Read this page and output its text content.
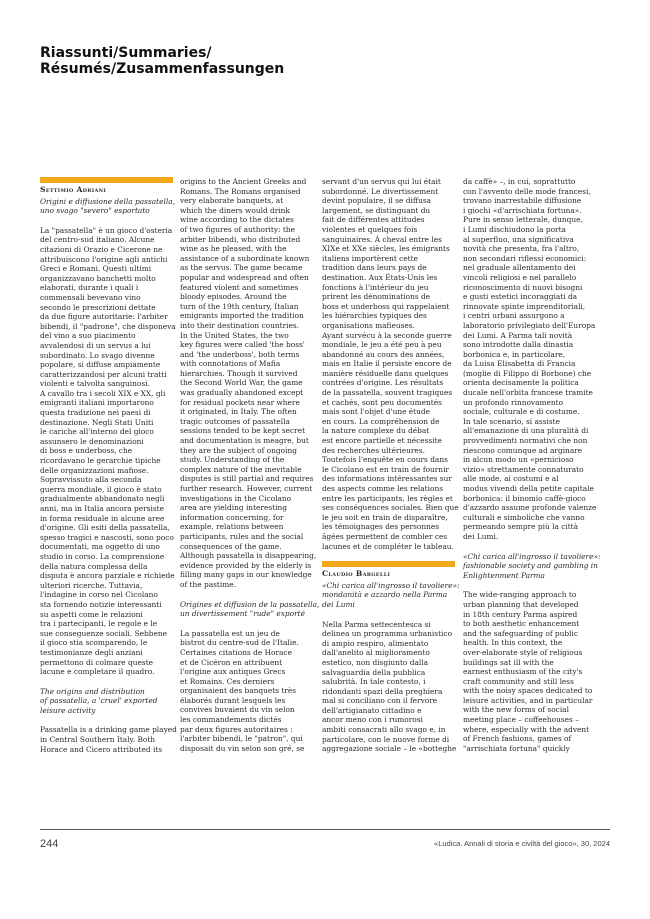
Riassunti/Summaries/
Résumés/Zusammenfassungen
Settimio Adriani
Origini e diffusione della passatella,
uno svago "severo" esportato
La "passatella" è un gioco d'osteria
del centro-sud italiano. Alcune
citazioni di Orazio e Cicerone ne
attribuiscono l'origine agli antichi
Greci e Romani. Questi ultimi
organizzavano banchetti molto
elaborati, durante i quali i
commensali bevevano vino
secondo le prescrizioni dettate
da due figure autoritarie: l'arbiter
bibendi, il "padrone", che disponeva
del vino a suo piacimento
avvalendosi di un servus a lui
subordinato. Lo svago divenne
popolare, si diffuse ampiamente
caratterizzandosi per alcuni tratti
violenti e talvolta sanguinosi.
A cavallo tra i secoli XIX e XX, gli
emigranti italiani importarono
questa tradizione nei paesi di
destinazione. Negli Stati Uniti
le cariche all'interno del gioco
assunsero le denominazioni
di boss e underboss, che
ricordavano le gerarchie tipiche
delle organizzazioni mafiose.
Sopravvissuto alla seconda
guerra mondiale, il gioco è stato
gradualmente abbandonato negli
anni, ma in Italia ancora persiste
in forma residuale in alcune aree
d'origine. Gli esiti della passatella,
spesso tragici e nascosti, sono poco
documentati, ma oggetto di uno
studio in corso. La comprensione
della natura complessa della
disputa è ancora parziale e richiede
ulteriori ricerche. Tuttavia,
l'indagine in corso nel Cicolano
sta fornendo notizie interessanti
su aspetti come le relazioni
tra i partecipanti, le regole e le
sue conseguenze sociali. Sebbene
il gioco stia scomparendo, le
testimonianze degli anziani
permettono di colmare queste
lacune e completare il quadro.
The origins and distribution
of passatella, a 'cruel' exported
leisure activity
Passatella is a drinking game played
in Central Southern Italy. Both
Horace and Cicero attributed its
origins to the Ancient Greeks and
Romans. The Romans organised
very elaborate banquets, at
which the diners would drink
wine according to the dictates
of two figures of authority: the
arbiter bibendi, who distributed
wine as he pleased, with the
assistance of a subordinate known
as the servus. The game became
popular and widespread and often
featured violent and sometimes
bloody episodes. Around the
turn of the 19th century, Italian
emigrants imported the tradition
into their destination countries.
In the United States, the two
key figures were called 'the boss'
and 'the underboss', both terms
with connotations of Mafia
hierarchies. Though it survived
the Second World War, the game
was gradually abandoned except
for residual pockets near where
it originated, in Italy. The often
tragic outcomes of passatella
sessions tended to be kept secret
and documentation is meagre, but
they are the subject of ongoing
study. Understanding of the
complex nature of the inevitable
disputes is still partial and requires
further research. However, current
investigations in the Cicolano
area are yielding interesting
information concerning, for
example, relations between
participants, rules and the social
consequences of the game.
Although passatella is disappearing,
evidence provided by the elderly is
filling many gaps in our knowledge
of the pastime.
Origines et diffusion de la passatella,
un divertissement "rude" exporté
La passatella est un jeu de
bistrot du centre-sud de l'Italie.
Certaines citations de Horace
et de Cicéron en attribuent
l'origine aux antiques Grecs
et Romains. Ces derniers
organisaient des banquets très
élaborés durant lesquels les
convives buvaient du vin selon
les commandements dictés
par deux figures autoritaires :
l'arbiter bibendi, le "patron", qui
disposait du vin selon son gré, se
servant d'un servus qui lui était
subordonné. Le divertissement
devint populaire, il se diffusa
largement, se distinguant du
fait de différentes attitudes
violentes et quelques fois
sanguinaires. À cheval entre les
XIXe et XXe siècles, les émigrants
italiens importèrent cette
tradition dans leurs pays de
destination. Aux États-Unis les
fonctions à l'intérieur du jeu
prirent les dénominations de
boss et underboss qui rappelaient
les hiérarchies typiques des
organisations mafieuses.
Ayant survécu à la seconde guerre
mondiale, le jeu a été peu à peu
abandonné au cours des années,
mais en Italie il persiste encore de
manière résiduelle dans quelques
contrées d'origine. Les résultats
de la passatella, souvent tragiques
et cachés, sont peu documentés
mais sont l'objet d'une étude
en cours. La compréhension de
la nature complexe du débat
est encore partielle et nécessite
des recherches ultérieures.
Toutefois l'enquête en cours dans
le Cicolano est en train de fournir
des informations intéressantes sur
des aspects comme les relations
entre les participants, les règles et
ses conséquences sociales. Bien que
le jeu soit en train de disparaître,
les témoignages des personnes
âgées permettent de combler ces
lacunes et de compléter le tableau.
Claudio Bargelli
«Chi carica all'ingrosso il tavoliere»:
mondanità e azzardo nella Parma
dei Lumi
Nella Parma settecentesca si
delinea un programma urbanistico
di ampio respiro, alimentato
dall'anelito al miglioramento
estetico, non disgiunto dalla
salvaguardia della pubblica
salubrità. In tale contesto, i
ridondanti spazi della preghiera
mal si conciliano con il fervore
dell'artigianato cittadino e
ancor meno con i rumorosi
ambiti consacrati allo svago e, in
particolare, con le nuove forme di
aggregazione sociale – le «botteghe
da caffè» –, in cui, soprattutto
con l'avvento delle mode francesi,
trovano inarrestabile diffusione
i giochi «d'arrischiata fortuna».
Pure in senso letterale, dunque,
i Lumi dischiudono la porta
al superfluo, una significativa
novità che presenta, fra l'altro,
non secondari riflessi economici:
nel graduale allentamento dei
vincoli religiosi e nel parallelo
riconoscimento di nuovi bisogni
e gusti estetici incoraggiati da
rinnovate spinte imprenditoriali,
i centri urbani assurgono a
laboratorio privilegiato dell'Europa
dei Lumi. A Parma tali novità
sono introdotte dalla dinastia
borbonica e, in particolare,
da Luisa Elisabetta di Francia
(moglie di Filippo di Borbone) che
orienta decisamente la politica
ducale nell'orbita francese tramite
un profondo rinnovamento
sociale, culturale e di costume.
In tale scenario, si assiste
all'emanazione di una pluralità di
provvedimenti normativi che non
riescono comunque ad arginare
in alcun modo un «pernicioso
vizio» strettamente connaturato
alle mode, ai costumi e al
modus vivendi della petite capitale
borbonica: il binomio caffè-gioco
d'azzardo assume profonde valenze
culturali e simboliche che vanno
permeando sempre più la città
dei Lumi.
«Chi carica all'ingrosso il tavoliere»:
fashionable society and gambling in
Enlightenment Parma
The wide-ranging approach to
urban planning that developed
in 18th century Parma aspired
to both aesthetic enhancement
and the safeguarding of public
health. In this context, the
over-elaborate style of religious
buildings sat ill with the
earnest enthusiasm of the city's
craft community and still less
with the noisy spaces dedicated to
leisure activities, and in particular
with the new forms of social
meeting place – coffeehouses –
where, especially with the advent
of French fashions, games of
"arrischiata fortuna" quickly
244	«Ludica. Annali di storia e civiltà del gioco», 30, 2024
